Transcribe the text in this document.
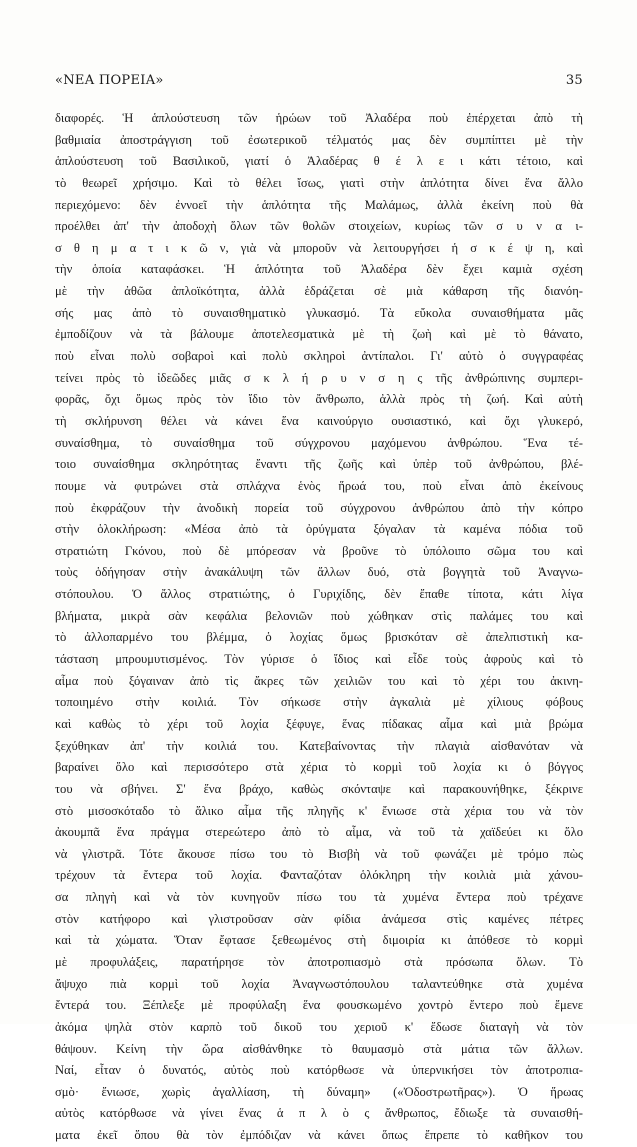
«ΝΕΑ ΠΟΡΕΙΑ»	35
διαφορές. Ἡ ἁπλούστευση τῶν ἡρώων τοῦ Ἀλαδέρα ποὺ ἐπέρχεται ἀπὸ τὴ
βαθμιαία ἀποστράγγιση τοῦ ἐσωτερικοῦ τέλματός μας δὲν συμπίπτει μὲ τὴν
ἁπλούστευση τοῦ Βασιλικοῦ, γιατί ὁ Ἀλαδέρας θ έ λ ε ι κάτι τέτοιο, καὶ
τὸ θεωρεῖ χρήσιμο. Καὶ τὸ θέλει ἴσως, γιατὶ στὴν ἁπλότητα δίνει ἕνα ἄλλο
περιεχόμενο: δὲν ἐννοεῖ τὴν ἁπλότητα τῆς Μαλάμως, ἀλλὰ ἐκείνη ποὺ θὰ
προέλθει ἀπ' τὴν ἀποδοχὴ ὅλων τῶν θολῶν στοιχείων, κυρίως τῶν σ υ ν α ι-
σ θ η μ α τ ι κ ῶ ν, γιὰ νὰ μποροῦν νὰ λειτουργήσει ἡ σ κ έ ψ η, καὶ
τὴν ὁποία καταφάσκει. Ἡ ἁπλότητα τοῦ Ἀλαδέρα δὲν ἔχει καμιὰ σχέση
μὲ τὴν ἀθῶα ἀπλοϊκότητα, ἀλλὰ ἑδράζεται σὲ μιὰ κάθαρση τῆς διανόη-
σής μας ἀπὸ τὸ συναισθηματικὸ γλυκασμό. Τὰ εὔκολα συναισθήματα μᾶς
ἐμποδίζουν νὰ τὰ βάλουμε ἀποτελεσματικὰ μὲ τὴ ζωὴ καὶ μὲ τὸ θάνατο,
ποὺ εἶναι πολὺ σοβαροὶ καὶ πολὺ σκληροὶ ἀντίπαλοι. Γι' αὐτὸ ὁ συγγραφέας
τείνει πρὸς τὸ ἰδεῶδες μιᾶς σ κ λ ή ρ υ ν σ η ς τῆς ἀνθρώπινης συμπερι-
φορᾶς, ὄχι ὅμως πρὸς τὸν ἴδιο τὸν ἄνθρωπο, ἀλλὰ πρὸς τὴ ζωή. Καὶ αὐτὴ
τὴ σκλήρυνση θέλει νὰ κάνει ἕνα καινούργιο ουσιαστικό, καὶ ὄχι γλυκερό,
συναίσθημα, τὸ συναίσθημα τοῦ σύγχρονου μαχόμενου ἀνθρώπου. Ἕνα τέ-
τοιο συναίσθημα σκληρότητας ἔναντι τῆς ζωῆς καὶ ὑπὲρ τοῦ ἀνθρώπου, βλέ-
πουμε νὰ φυτρώνει στὰ σπλάχνα ἑνὸς ἥρωά του, ποὺ εἶναι ἀπὸ ἐκείνους
ποὺ ἐκφράζουν τὴν ἀνοδικὴ πορεία τοῦ σύγχρονου ἀνθρώπου ἀπὸ τὴν κόπρο
στὴν ὁλοκλήρωση: «Μέσα ἀπὸ τὰ ὀρύγματα ξόγαλαν τὰ καμένα πόδια τοῦ
στρατιώτη Γκόνου, ποὺ δὲ μπόρεσαν νὰ βροῦνε τὸ ὑπόλοιπο σῶμα του καὶ
τοὺς ὁδήγησαν στὴν ἀνακάλυψη τῶν ἄλλων δυό, στὰ βογγητὰ τοῦ Ἀναγνω-
στόπουλου. Ὁ ἄλλος στρατιώτης, ὁ Γυριχίδης, δὲν ἔπαθε τίποτα, κάτι λίγα
βλήματα, μικρὰ σὰν κεφάλια βελονιῶν ποὺ χώθηκαν στὶς παλάμες του καὶ
τὸ ἀλλοπαρμένο του βλέμμα, ὁ λοχίας ὅμως βρισκόταν σὲ ἀπελπιστικὴ κα-
τάσταση μπρουμυτισμένος. Τὸν γύρισε ὁ ἴδιος καὶ εἶδε τοὺς ἀφροὺς καὶ τὸ
αἷμα ποὺ ξόγαιναν ἀπὸ τὶς ἄκρες τῶν χειλιῶν του καὶ τὸ χέρι του ἀκινη-
τοποιημένο στὴν κοιλιά. Τὸν σήκωσε στὴν ἀγκαλιὰ μὲ χίλιους φόβους
καὶ καθὼς τὸ χέρι τοῦ λοχία ξέφυγε, ἕνας πίδακας αἷμα καὶ μιὰ βρώμα
ξεχύθηκαν ἀπ' τὴν κοιλιά του. Κατεβαίνοντας τὴν πλαγιὰ αἰσθανόταν νὰ
βαραίνει ὅλο καὶ περισσότερο στὰ χέρια τὸ κορμὶ τοῦ λοχία κι ὁ βόγγος
του νὰ σβήνει. Σ' ἕνα βράχο, καθὼς σκόνταψε καὶ παρακουνήθηκε, ξέκρινε
στὸ μισοσκόταδο τὸ ἅλικο αἷμα τῆς πληγῆς κ' ἔνιωσε στὰ χέρια του νὰ τὸν
ἀκουμπᾶ ἕνα πράγμα στερεώτερο ἀπὸ τὸ αἷμα, νὰ τοῦ τὰ χαϊδεύει κι ὅλο
νὰ γλιστρᾶ. Τότε ἄκουσε πίσω του τὸ Βισβὴ νὰ τοῦ φωνάζει μὲ τρόμο πὼς
τρέχουν τὰ ἔντερα τοῦ λοχία. Φανταζόταν ὁλόκληρη τὴν κοιλιὰ μιὰ χάνου-
σα πληγὴ καὶ νὰ τὸν κυνηγοῦν πίσω του τὰ χυμένα ἔντερα ποὺ τρέχανε
στὸν κατήφορο καὶ γλιστροῦσαν σὰν φίδια ἀνάμεσα στὶς καμένες πέτρες
καὶ τὰ χώματα. Ὅταν ἔφτασε ξεθεωμένος στὴ διμοιρία κι ἀπόθεσε τὸ κορμὶ
μὲ προφυλάξεις, παρατήρησε τὸν ἀποτροπιασμὸ στὰ πρόσωπα ὅλων. Τὸ
ἄψυχο πιὰ κορμὶ τοῦ λοχία Ἀναγνωστόπουλου ταλαντεύθηκε στὰ χυμένα
ἔντερά του. Ξέπλεξε μὲ προφύλαξη ἕνα φουσκωμένο χοντρὸ ἔντερο ποὺ ἔμενε
ἀκόμα ψηλὰ στὸν καρπὸ τοῦ δικοῦ του χεριοῦ κ' ἔδωσε διαταγὴ νὰ τὸν
θάψουν. Κείνη τὴν ὥρα αἰσθάνθηκε τὸ θαυμασμὸ στὰ μάτια τῶν ἄλλων.
Ναί, εἶταν ὁ δυνατός, αὐτὸς ποὺ κατόρθωσε νὰ ὑπερνικήσει τὸν ἀποτροπια-
σμὸ· ἔνιωσε, χωρὶς ἀγαλλίαση, τὴ δύναμη» («Ὀδοστρωτῆρας»). Ὁ ἥρωας
αὐτὸς κατόρθωσε νὰ γίνει ἕνας ἁ π λ ὸ ς ἄνθρωπος, ἔδιωξε τὰ συναισθή-
ματα ἐκεῖ ὅπου θὰ τὸν ἐμπόδιζαν νὰ κάνει ὅπως ἔπρεπε τὸ καθῆκον του
